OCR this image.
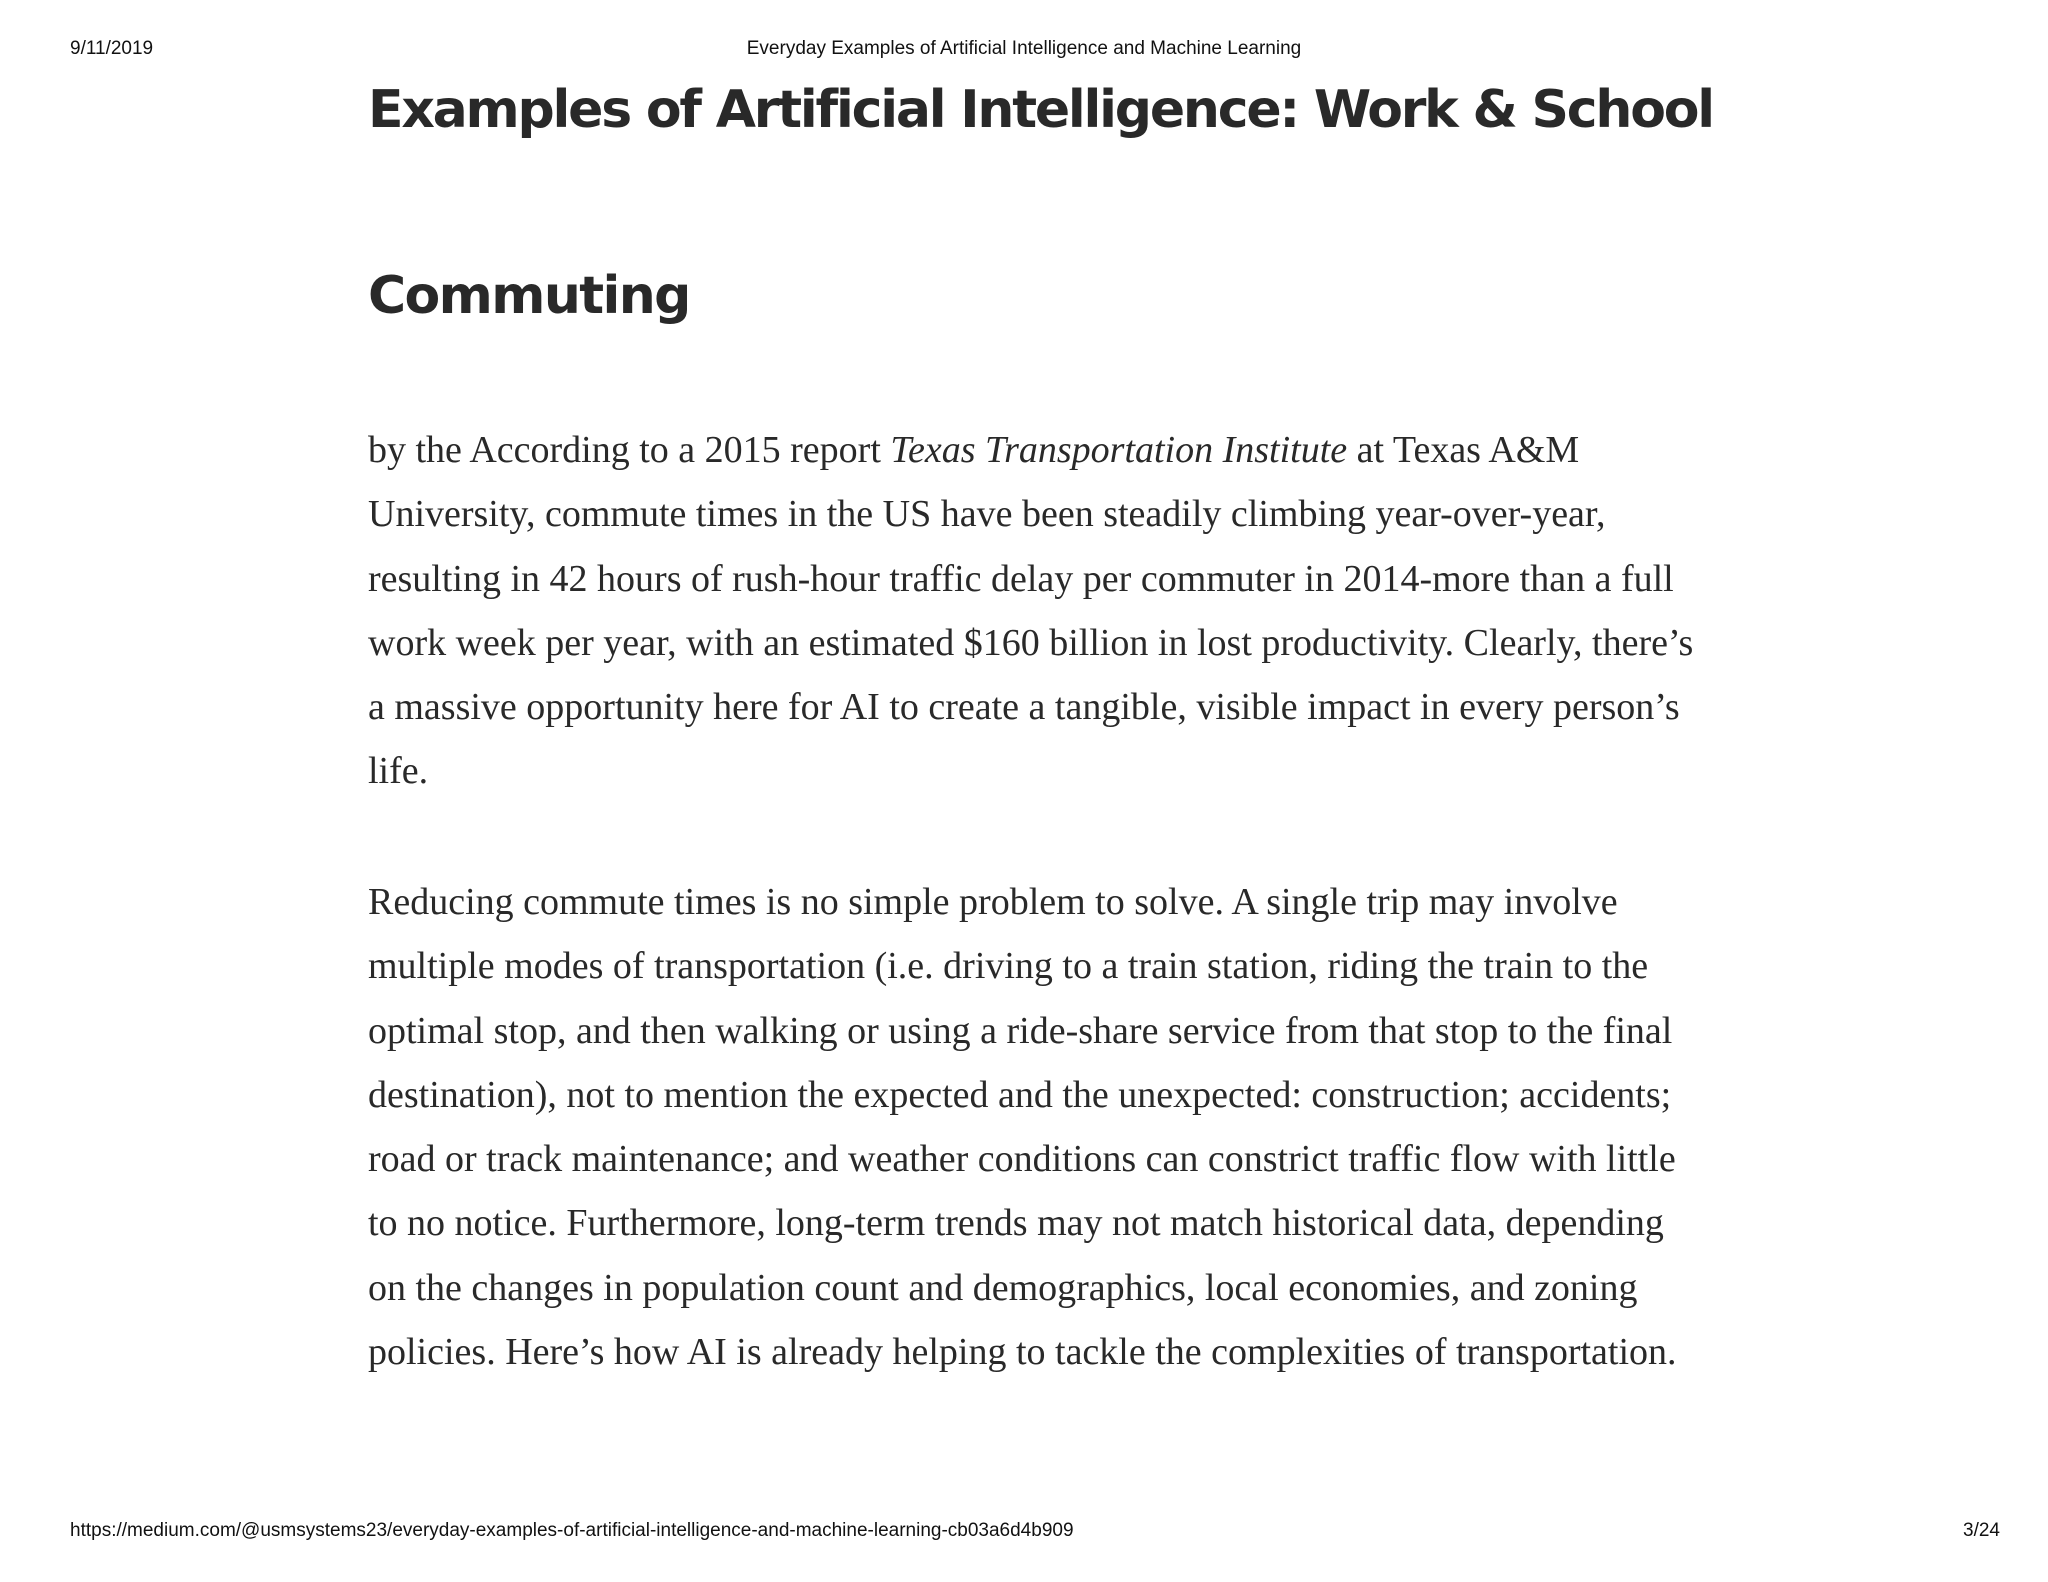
9/11/2019	Everyday Examples of Artificial Intelligence and Machine Learning
Examples of Artificial Intelligence: Work & School
Commuting

by the According to a 2015 report Texas Transportation Institute at Texas A&M University, commute times in the US have been steadily climbing year-over-year, resulting in 42 hours of rush-hour traffic delay per commuter in 2014-more than a full work week per year, with an estimated $160 billion in lost productivity. Clearly, there’s a massive opportunity here for AI to create a tangible, visible impact in every person’s life.

Reducing commute times is no simple problem to solve. A single trip may involve multiple modes of transportation (i.e. driving to a train station, riding the train to the optimal stop, and then walking or using a ride-share service from that stop to the final destination), not to mention the expected and the unexpected: construction; accidents; road or track maintenance; and weather conditions can constrict traffic flow with little to no notice. Furthermore, long-term trends may not match historical data, depending on the changes in population count and demographics, local economies, and zoning policies. Here’s how AI is already helping to tackle the complexities of transportation.

https://medium.com/@usmsystems23/everyday-examples-of-artificial-intelligence-and-machine-learning-cb03a6d4b909	3/24
